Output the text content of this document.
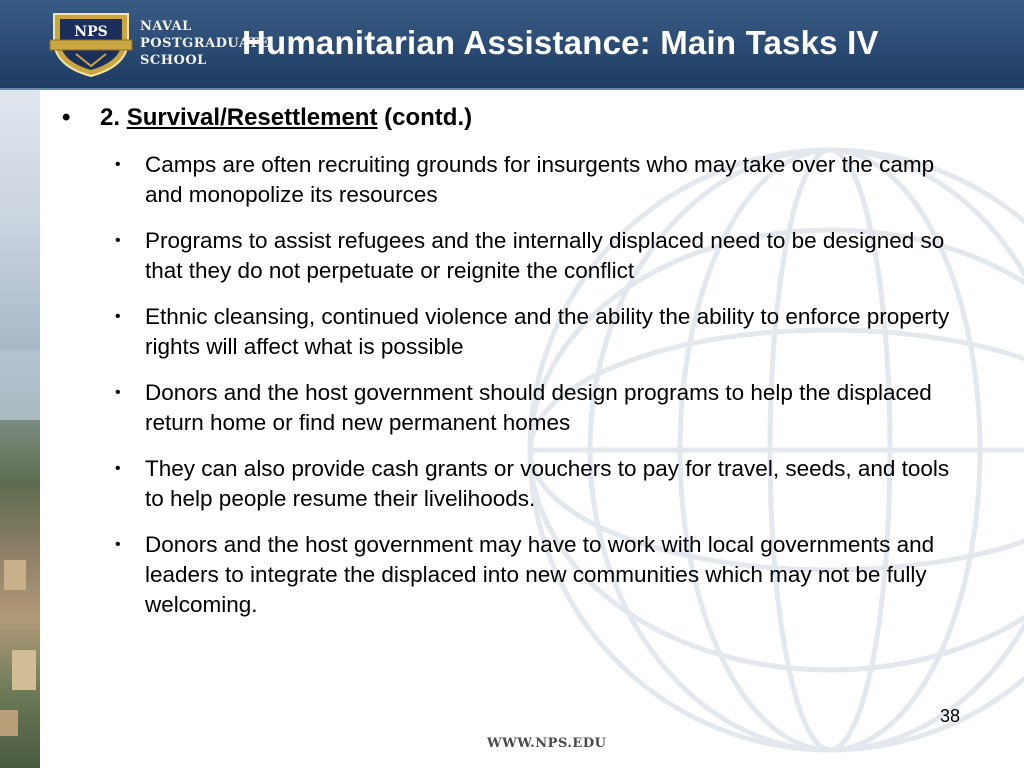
NPS NAVAL
POSTGRADUATE
SCHOOL	Humanitarian Assistance: Main Tasks IV
• 2. Survival/Resettlement (contd.)
• Camps are often recruiting grounds for insurgents who may take over the camp and monopolize its resources
• Programs to assist refugees and the internally displaced need to be designed so that they do not perpetuate or reignite the conflict
• Ethnic cleansing, continued violence and the ability the ability to enforce property rights will affect what is possible
• Donors and the host government should design programs to help the displaced return home or find new permanent homes
• They can also provide cash grants or vouchers to pay for travel, seeds, and tools to help people resume their livelihoods.
• Donors and the host government may have to work with local governments and leaders to integrate the displaced into new communities which may not be fully welcoming.
38
WWW.NPS.EDU
